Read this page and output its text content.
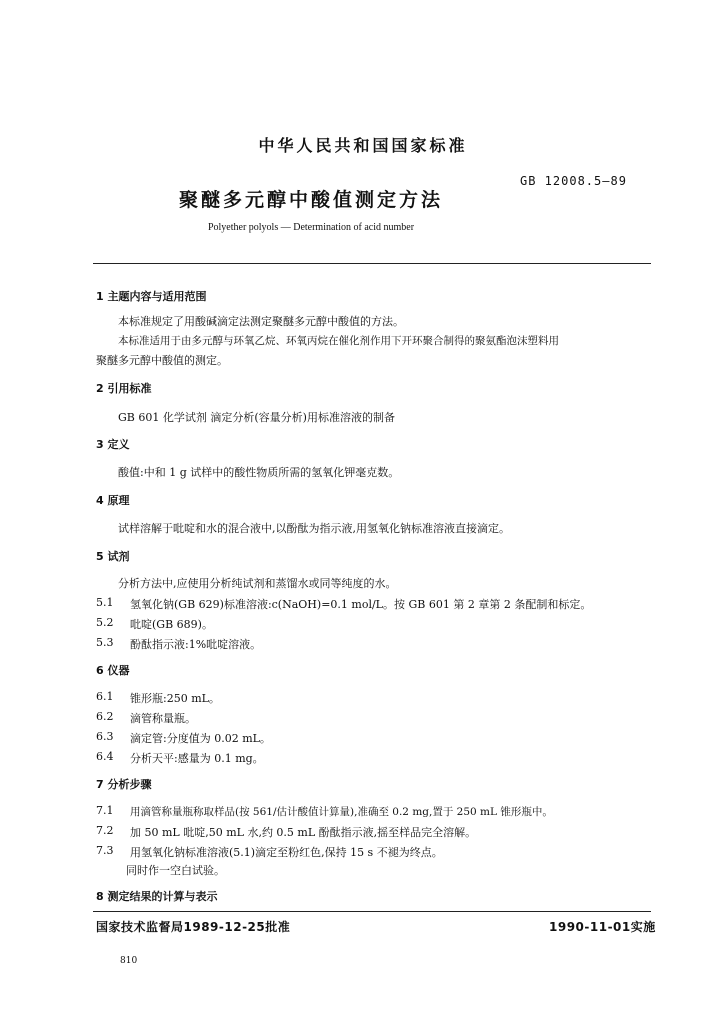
中华人民共和国国家标准
GB 12008.5—89
聚醚多元醇中酸值测定方法
Polyether polyols — Determination of acid number
1 主题内容与适用范围
本标准规定了用酸碱滴定法测定聚醚多元醇中酸值的方法。
本标准适用于由多元醇与环氧乙烷、环氧丙烷在催化剂作用下开环聚合制得的聚氨酯泡沫塑料用
聚醚多元醇中酸值的测定。
2 引用标准
GB 601 化学试剂 滴定分析(容量分析)用标准溶液的制备
3 定义
酸值:中和 1 g 试样中的酸性物质所需的氢氧化钾毫克数。
4 原理
试样溶解于吡啶和水的混合液中,以酚酞为指示液,用氢氧化钠标准溶液直接滴定。
5 试剂
分析方法中,应使用分析纯试剂和蒸馏水或同等纯度的水。
5.1 氢氧化钠(GB 629)标准溶液:c(NaOH)=0.1 mol/L。按 GB 601 第 2 章第 2 条配制和标定。
5.2 吡啶(GB 689)。
5.3 酚酞指示液:1%吡啶溶液。
6 仪器
6.1 锥形瓶:250 mL。
6.2 滴管称量瓶。
6.3 滴定管:分度值为 0.02 mL。
6.4 分析天平:感量为 0.1 mg。
7 分析步骤
7.1 用滴管称量瓶称取样品(按 561/估计酸值计算量),准确至 0.2 mg,置于 250 mL 锥形瓶中。
7.2 加 50 mL 吡啶,50 mL 水,约 0.5 mL 酚酞指示液,摇至样品完全溶解。
7.3 用氢氧化钠标准溶液(5.1)滴定至粉红色,保持 15 s 不褪为终点。
同时作一空白试验。
8 测定结果的计算与表示
国家技术监督局1989-12-25批准	1990-11-01实施
810
